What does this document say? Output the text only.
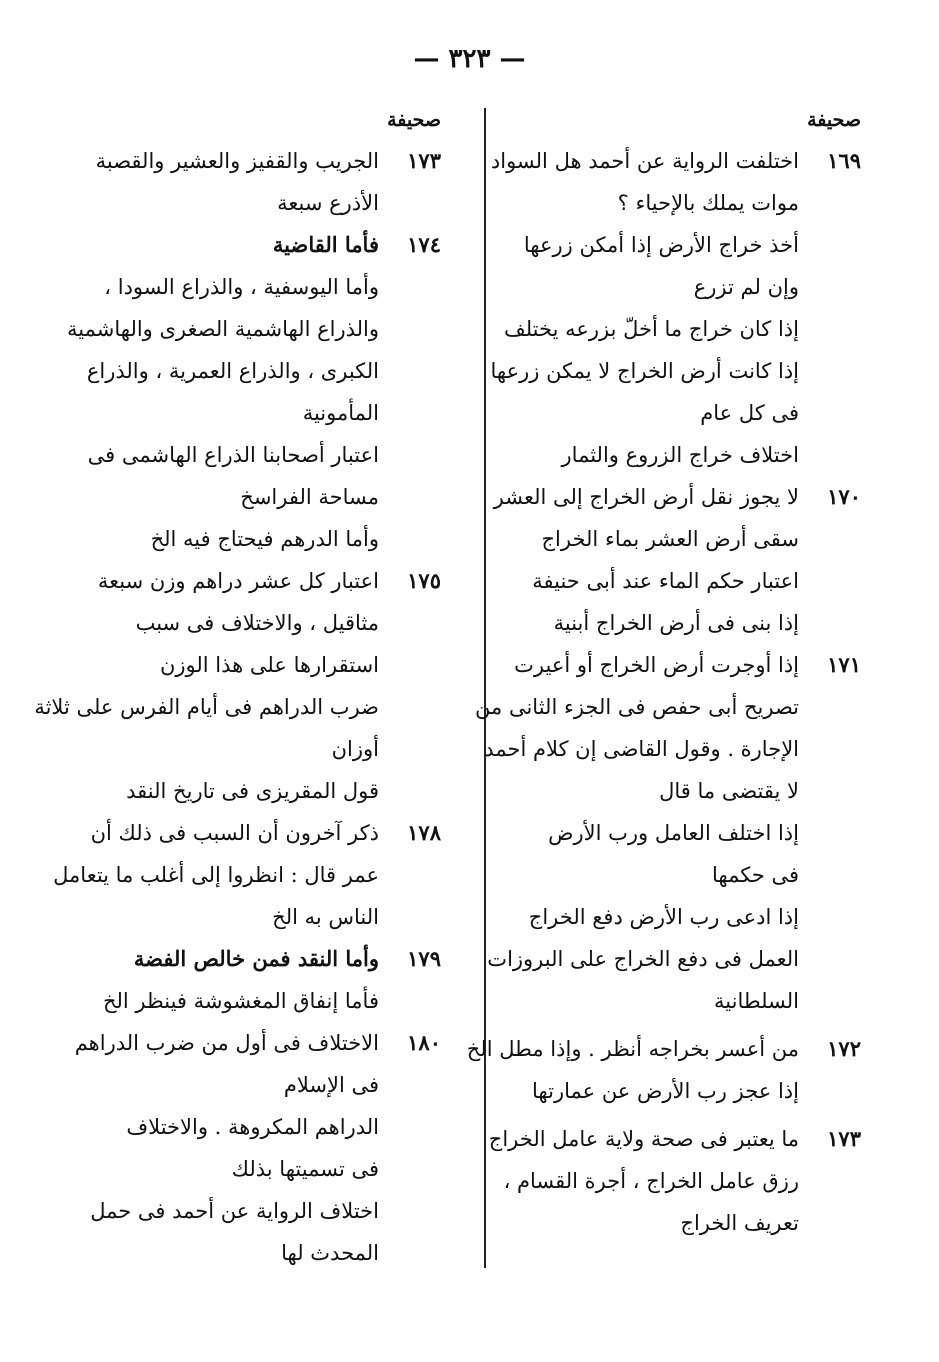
— ٣٢٣ —
صحيفة
١٦٩
اختلفت الرواية عن أحمد هل السواد
موات يملك بالإحياء ؟
أخذ خراج الأرض إذا أمكن زرعها
وإن لم تزرع
إذا كان خراج ما أخلّ بزرعه يختلف
إذا كانت أرض الخراج لا يمكن زرعها
فى كل عام
اختلاف خراج الزروع والثمار
١٧٠
لا يجوز نقل أرض الخراج إلى العشر
سقى أرض العشر بماء الخراج
اعتبار حكم الماء عند أبى حنيفة
إذا بنى فى أرض الخراج أبنية
١٧١
إذا أوجرت أرض الخراج أو أعيرت
تصريح أبى حفص فى الجزء الثانى من
الإجارة . وقول القاضى إن كلام أحمد
لا يقتضى ما قال
إذا اختلف العامل ورب الأرض
فى حكمها
إذا ادعى رب الأرض دفع الخراج
العمل فى دفع الخراج على البروزات
السلطانية
١٧٢
من أعسر بخراجه أنظر . وإذا مطل الخ
إذا عجز رب الأرض عن عمارتها
١٧٣
ما يعتبر فى صحة ولاية عامل الخراج
رزق عامل الخراج ، أجرة القسام ،
تعريف الخراج
صحيفة
١٧٣
الجريب والقفيز والعشير والقصبة
الأذرع سبعة
١٧٤
فأما القاضية
وأما اليوسفية ، والذراع السودا ،
والذراع الهاشمية الصغرى والهاشمية
الكبرى ، والذراع العمرية ، والذراع
المأمونية
اعتبار أصحابنا الذراع الهاشمى فى
مساحة الفراسخ
وأما الدرهم فيحتاج فيه الخ
١٧٥
اعتبار كل عشر دراهم وزن سبعة
مثاقيل ، والاختلاف فى سبب
استقرارها على هذا الوزن
ضرب الدراهم فى أيام الفرس على ثلاثة
أوزان
قول المقريزى فى تاريخ النقد
١٧٨
ذكر آخرون أن السبب فى ذلك أن
عمر قال : انظروا إلى أغلب ما يتعامل
الناس به الخ
١٧٩
وأما النقد فمن خالص الفضة
فأما إنفاق المغشوشة فينظر الخ
١٨٠
الاختلاف فى أول من ضرب الدراهم
فى الإسلام
الدراهم المكروهة . والاختلاف
فى تسميتها بذلك
اختلاف الرواية عن أحمد فى حمل
المحدث لها
